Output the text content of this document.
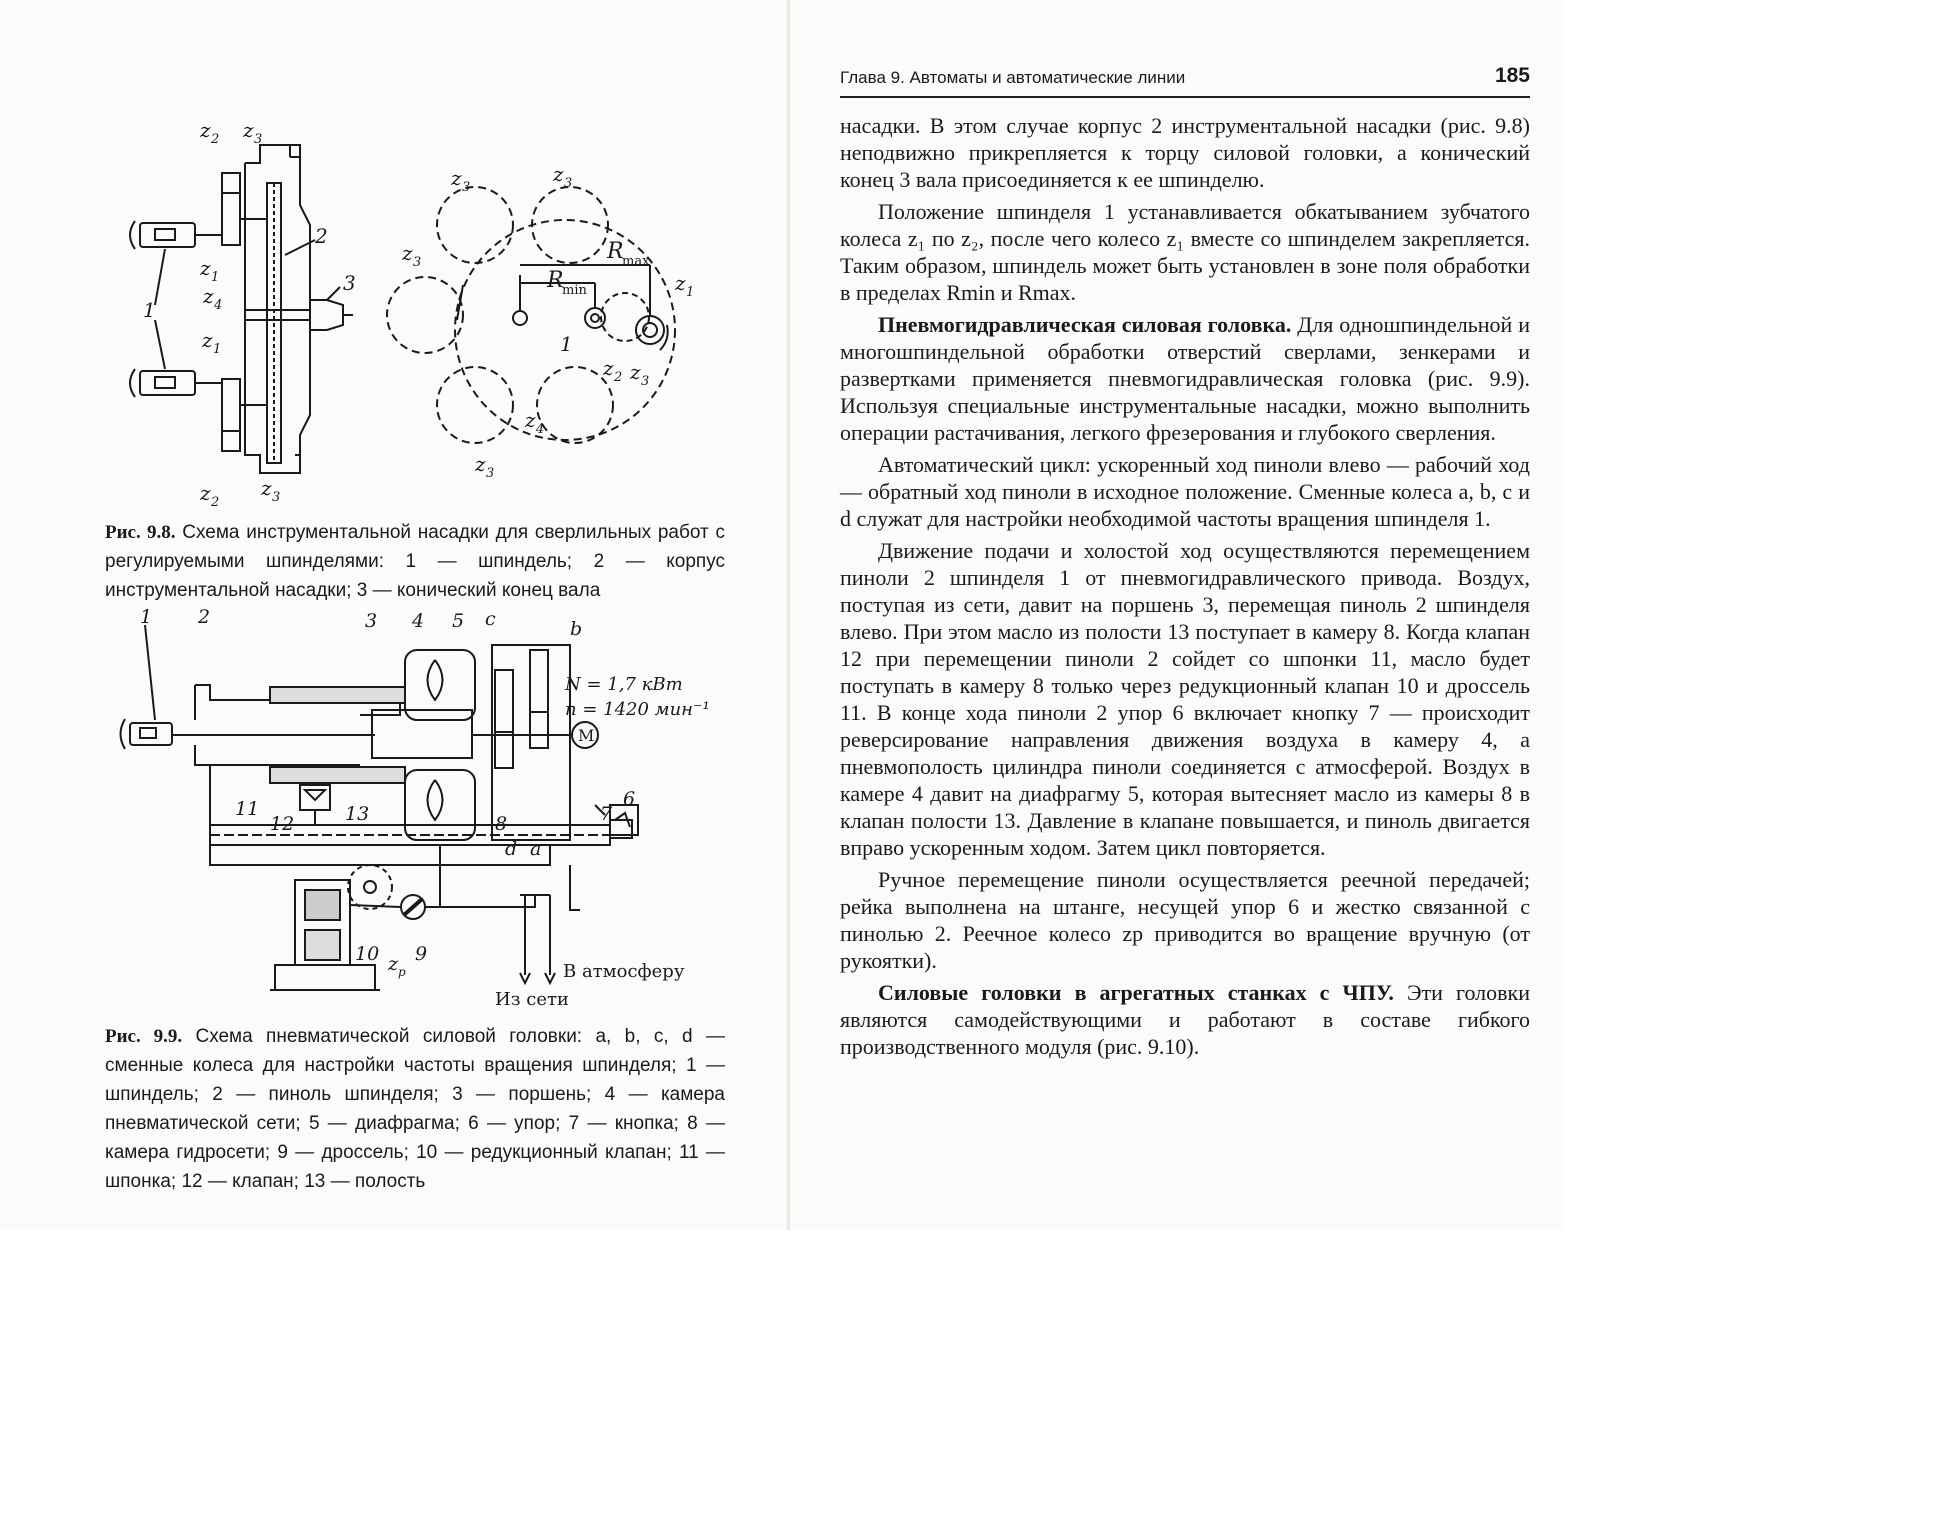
z 2 z 3
2
z 1
z 4
3
1
z 1
z 2
z 3
z 3
z 3
z 3
z 3
z 4
R
max
R
min	z 1
1
z 2 z 3
Рис. 9.8. Схема инструментальной насадки для сверлильных работ с регулируемыми шпинделями: 1 — шпиндель; 2 — корпус инструментальной насадки; 3 — конический конец вала
1 2	3 4 5 c	b
N = 1,7 кВт
n = 1420 мин⁻¹
M
d a
7
6
8
11
12	13
10 z p
9
В атмосферу
Из сети
Рис. 9.9. Схема пневматической силовой головки: a, b, c, d — сменные колеса для настройки частоты вращения шпинделя; 1 — шпиндель; 2 — пиноль шпинделя; 3 — поршень; 4 — камера пневматической сети; 5 — диафрагма; 6 — упор; 7 — кнопка; 8 — камера гидросети; 9 — дроссель; 10 — редукционный клапан; 11 — шпонка; 12 — клапан; 13 — полость
Глава 9. Автоматы и автоматические линии	185

насадки. В этом случае корпус 2 инструментальной насадки (рис. 9.8) неподвижно прикрепляется к торцу силовой головки, а конический конец 3 вала присоединяется к ее шпинделю.

Положение шпинделя 1 устанавливается обкатыванием зубчатого колеса z₁ по z₂, после чего колесо z₁ вместе со шпинделем закрепляется. Таким образом, шпиндель может быть установлен в зоне поля обработки в пределах Rmin и Rmax.

Пневмогидравлическая силовая головка. Для одношпиндельной и многошпиндельной обработки отверстий сверлами, зенкерами и развертками применяется пневмогидравлическая головка (рис. 9.9). Используя специальные инструментальные насадки, можно выполнить операции растачивания, легкого фрезерования и глубокого сверления.

Автоматический цикл: ускоренный ход пиноли влево — рабочий ход — обратный ход пиноли в исходное положение. Сменные колеса a, b, c и d служат для настройки необходимой частоты вращения шпинделя 1.

Движение подачи и холостой ход осуществляются перемещением пиноли 2 шпинделя 1 от пневмогидравлического привода. Воздух, поступая из сети, давит на поршень 3, перемещая пиноль 2 шпинделя влево. При этом масло из полости 13 поступает в камеру 8. Когда клапан 12 при перемещении пиноли 2 сойдет со шпонки 11, масло будет поступать в камеру 8 только через редукционный клапан 10 и дроссель 11. В конце хода пиноли 2 упор 6 включает кнопку 7 — происходит реверсирование направления движения воздуха в камеру 4, а пневмополость цилиндра пиноли соединяется с атмосферой. Воздух в камере 4 давит на диафрагму 5, которая вытесняет масло из камеры 8 в клапан полости 13. Давление в клапане повышается, и пиноль двигается вправо ускоренным ходом. Затем цикл повторяется.

Ручное перемещение пиноли осуществляется реечной передачей; рейка выполнена на штанге, несущей упор 6 и жестко связанной с пинолью 2. Реечное колесо zp приводится во вращение вручную (от рукоятки).

Силовые головки в агрегатных станках с ЧПУ. Эти головки являются самодействующими и работают в составе гибкого производственного модуля (рис. 9.10).
